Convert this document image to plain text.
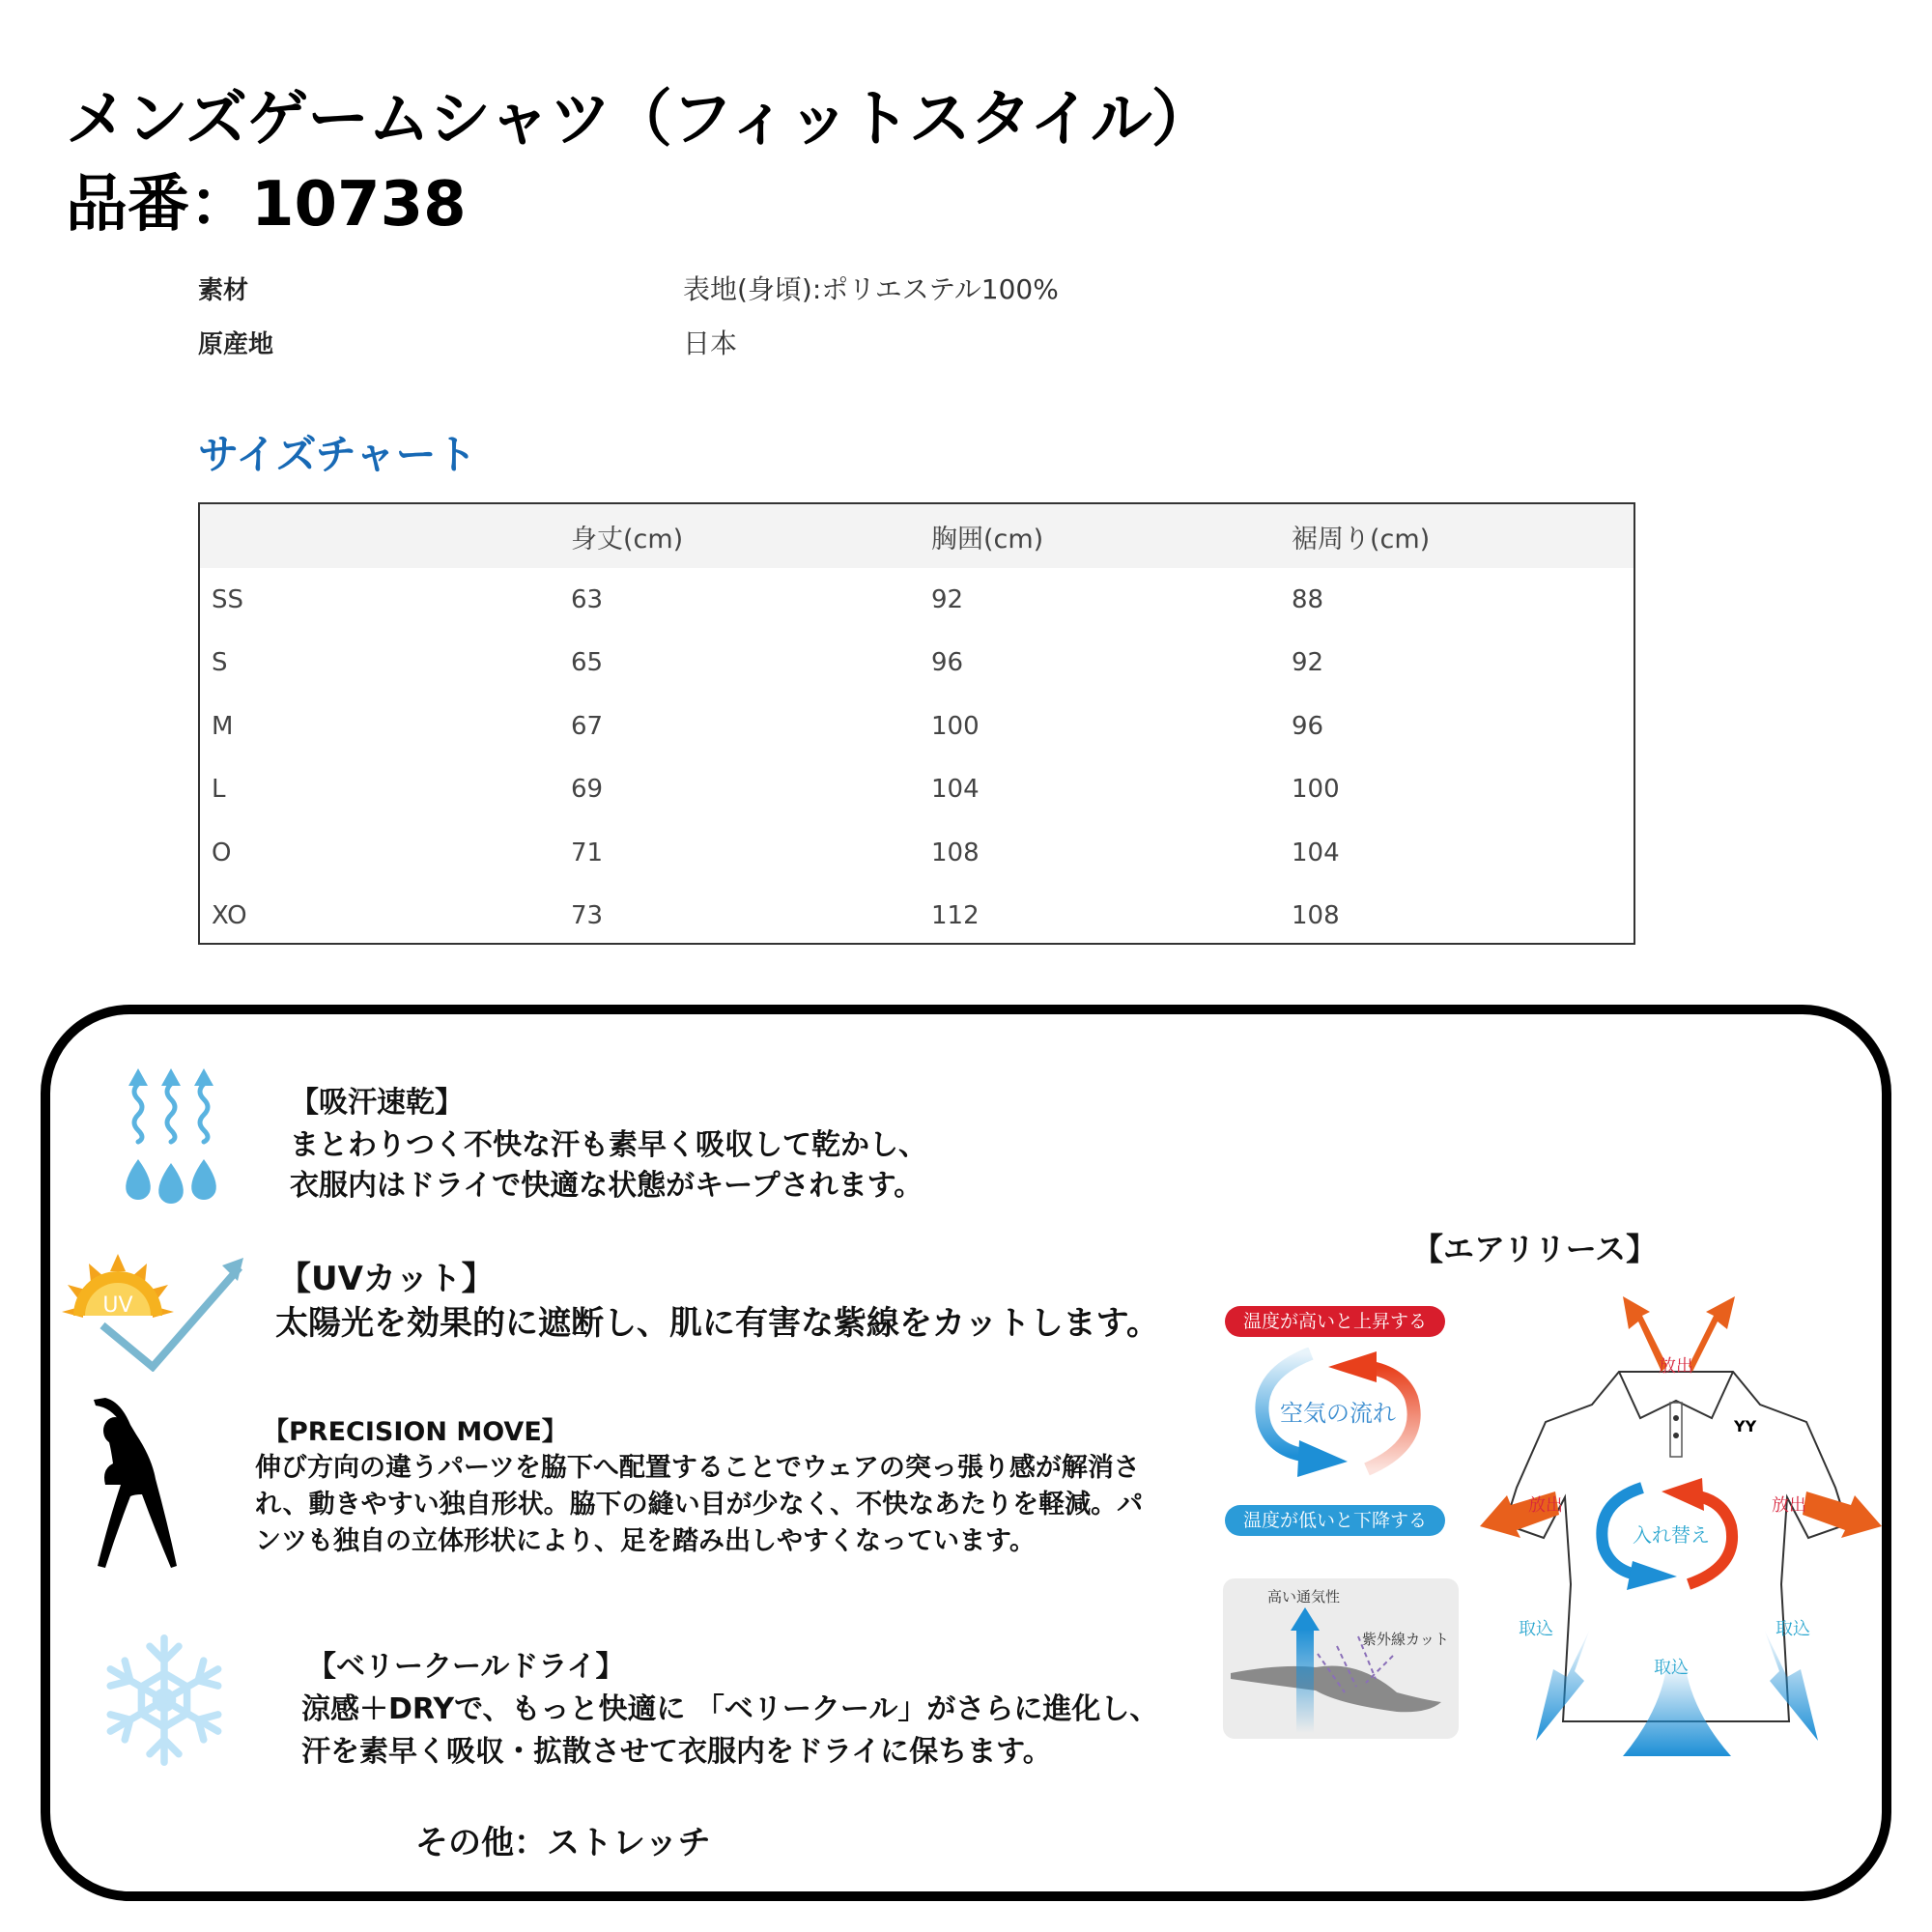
メンズゲームシャツ（フィットスタイル）
品番：10738
素材	表地(身頃):ポリエステル100%
原産地	日本
サイズチャート
	身丈(cm)	胸囲(cm)	裾周り(cm)
SS	63	92	88
S	65	96	92
M	67	100	96
L	69	104	100
O	71	108	104
XO	73	112	108
【吸汗速乾】
まとわりつく不快な汗も素早く吸収して乾かし、
衣服内はドライで快適な状態がキープされます。
UV
【UVカット】
太陽光を効果的に遮断し、肌に有害な紫線をカットします。
【PRECISION MOVE】
伸び方向の違うパーツを脇下へ配置することでウェアの突っ張り感が解消さ
れ、動きやすい独自形状。脇下の縫い目が少なく、不快なあたりを軽減。パ
ンツも独自の立体形状により、足を踏み出しやすくなっています。
【ベリークールドライ】
涼感＋DRYで、もっと快適に 「ベリークール」がさらに進化し、
汗を素早く吸収・拡散させて衣服内をドライに保ちます。
その他：ストレッチ
【エアリリース】
温度が高いと上昇する
空気の流れ
温度が低いと下降する
高い通気性
紫外線カット
YY
放出
放出	放出
入れ替え
取込	取込
取込
